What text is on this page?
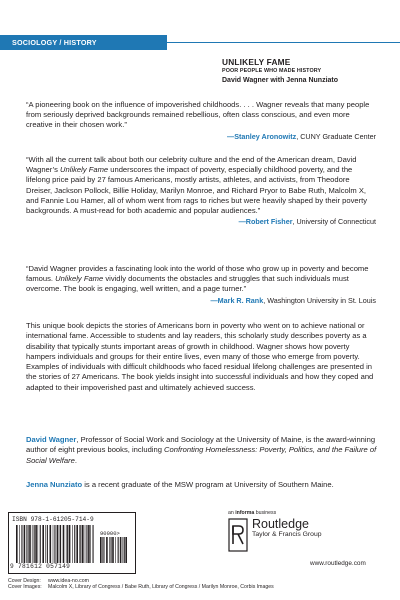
SOCIOLOGY / HISTORY
UNLIKELY FAME
POOR PEOPLE WHO MADE HISTORY
David Wagner with Jenna Nunziato

“A pioneering book on the influence of impoverished childhoods. . . . Wagner reveals that many people from seriously deprived backgrounds remained rebellious, often class conscious, and even more creative in their chosen work.”

—Stanley Aronowitz, CUNY Graduate Center

“With all the current talk about both our celebrity culture and the end of the American dream, David Wagner’s Unlikely Fame underscores the impact of poverty, especially childhood poverty, and the lifelong price paid by 27 famous Americans, mostly artists, athletes, and activists, from Theodore Dreiser, Jackson Pollock, Billie Holiday, Marilyn Monroe, and Richard Pryor to Babe Ruth, Malcolm X, and Fannie Lou Hamer, all of whom went from rags to riches but were heavily shaped by their poverty backgrounds. A must-read for both academic and popular audiences.”

—Robert Fisher, University of Connecticut

“David Wagner provides a fascinating look into the world of those who grow up in poverty and become famous. Unlikely Fame vividly documents the obstacles and struggles that such individuals must overcome. The book is engaging, well written, and a page turner.”

—Mark R. Rank, Washington University in St. Louis

This unique book depicts the stories of Americans born in poverty who went on to achieve national or international fame. Accessible to students and lay readers, this scholarly study describes poverty as a disability that typically stunts important areas of growth in childhood. Wagner shows how poverty hampers individuals and groups for their entire lives, even many of those who emerge from poverty. Examples of individuals with difficult childhoods who faced residual lifelong challenges are presented in the stories of 27 Americans. The book yields insight into successful individuals and how they coped and adapted to their impoverished past and ultimately achieved success.

David Wagner, Professor of Social Work and Sociology at the University of Maine, is the award-winning author of eight previous books, including Confronting Homelessness: Poverty, Politics, and the Failure of Social Welfare.

Jenna Nunziato is a recent graduate of the MSW program at University of Southern Maine.

ISBN 978-1-61205-714-9
9 781612 057149
90000>
an informa business
Routledge
Taylor & Francis Group
www.routledge.com
Cover Design:	www.idea-no.com
Cover Images:	Malcolm X, Library of Congress / Babe Ruth, Library of Congress / Marilyn Monroe, Corbis Images
